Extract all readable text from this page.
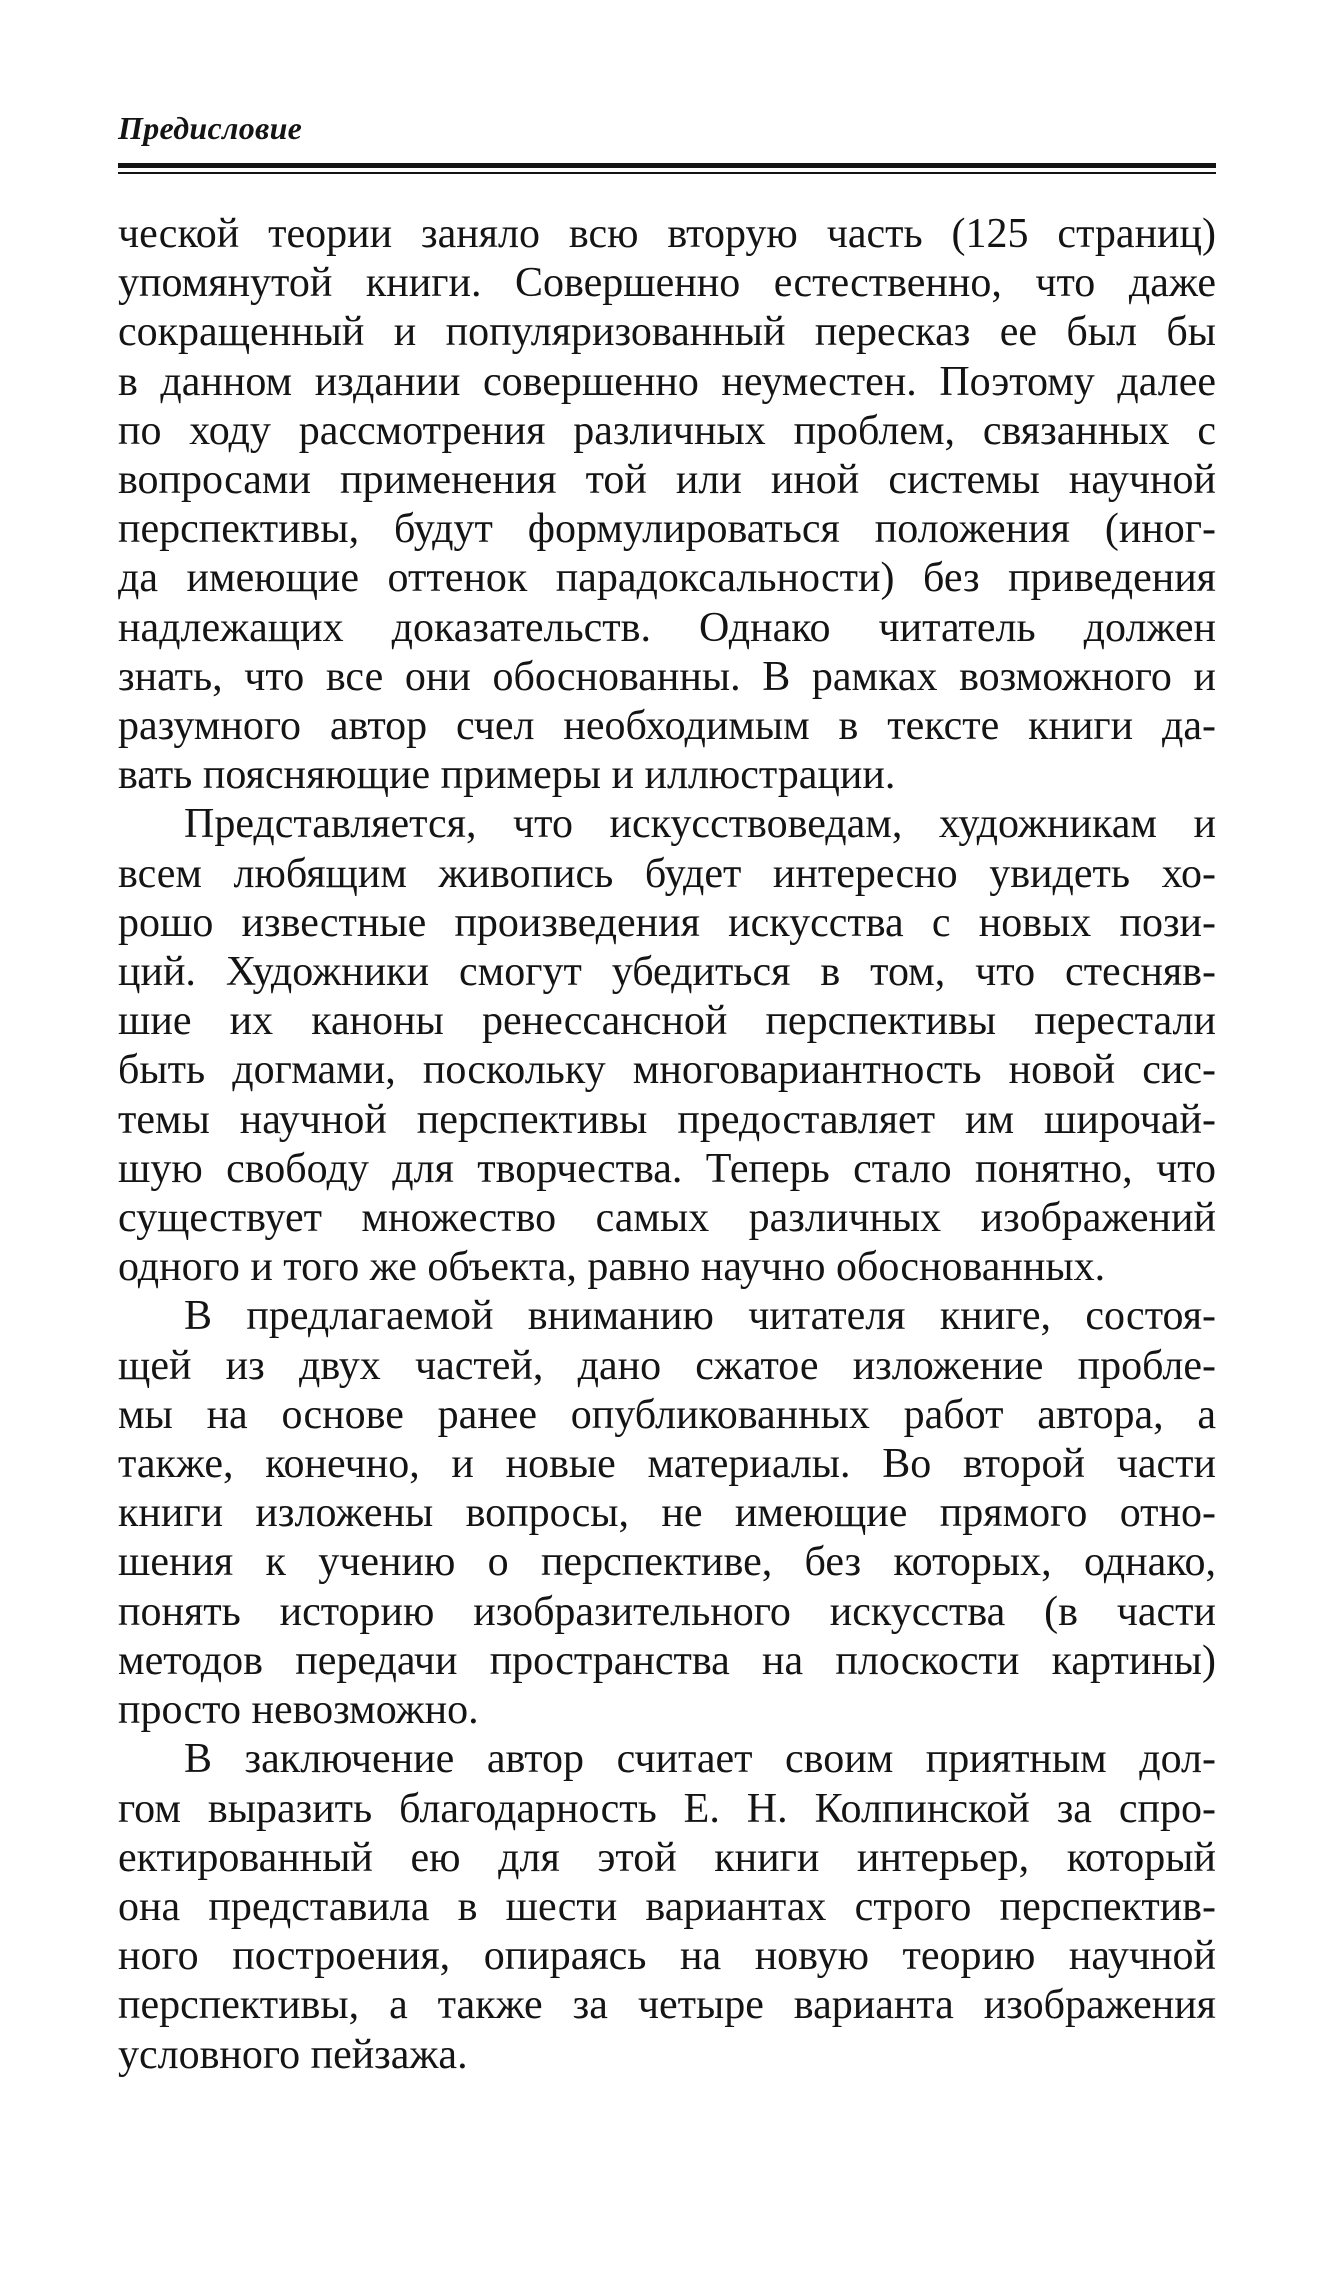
Предисловие

ческой теории заняло всю вторую часть (125 страниц)
упомянутой книги. Совершенно естественно, что даже
сокращенный и популяризованный пересказ ее был бы
в данном издании совершенно неуместен. Поэтому далее
по ходу рассмотрения различных проблем, связанных с
вопросами применения той или иной системы научной
перспективы, будут формулироваться положения (иног-
да имеющие оттенок парадоксальности) без приведения
надлежащих доказательств. Однако читатель должен
знать, что все они обоснованны. В рамках возможного и
разумного автор счел необходимым в тексте книги да-
вать поясняющие примеры и иллюстрации.

Представляется, что искусствоведам, художникам и
всем любящим живопись будет интересно увидеть хо-
рошо известные произведения искусства с новых пози-
ций. Художники смогут убедиться в том, что стесняв-
шие их каноны ренессансной перспективы перестали
быть догмами, поскольку многовариантность новой сис-
темы научной перспективы предоставляет им широчай-
шую свободу для творчества. Теперь стало понятно, что
существует множество самых различных изображений
одного и того же объекта, равно научно обоснованных.

В предлагаемой вниманию читателя книге, состоя-
щей из двух частей, дано сжатое изложение пробле-
мы на основе ранее опубликованных работ автора, а
также, конечно, и новые материалы. Во второй части
книги изложены вопросы, не имеющие прямого отно-
шения к учению о перспективе, без которых, однако,
понять историю изобразительного искусства (в части
методов передачи пространства на плоскости картины)
просто невозможно.

В заключение автор считает своим приятным дол-
гом выразить благодарность Е. Н. Колпинской за спро-
ектированный ею для этой книги интерьер, который
она представила в шести вариантах строго перспектив-
ного построения, опираясь на новую теорию научной
перспективы, а также за четыре варианта изображения
условного пейзажа.
